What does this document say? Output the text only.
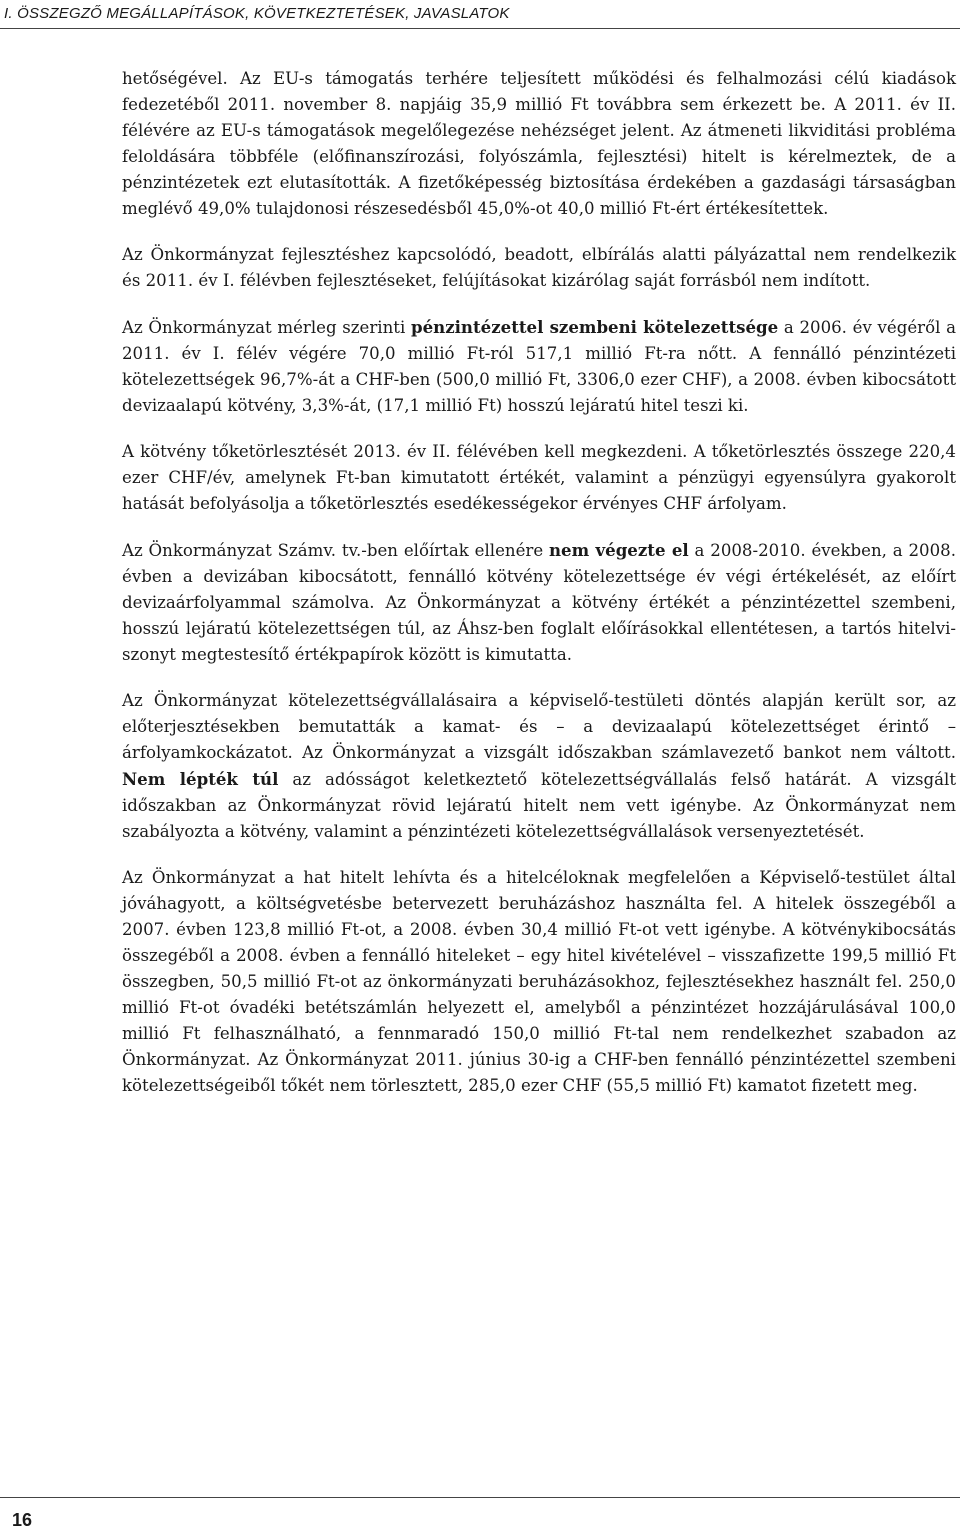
I. ÖSSZEGZŐ MEGÁLLAPÍTÁSOK, KÖVETKEZTETÉSEK, JAVASLATOK

hetőségével. Az EU-s támogatás terhére teljesített működési és felhalmozási célú kiadások fedezetéből 2011. november 8. napjáig 35,9 millió Ft továbbra sem érkezett be. A 2011. év II. félévére az EU-s támogatások megelőlegezése nehézséget jelent. Az átmeneti likviditási probléma feloldására többféle (előfinanszírozási, folyószámla, fejlesztési) hitelt is kérelmeztek, de a pénzintézetek ezt elutasították. A fizetőképesség biztosítása érdekében a gazdasági társaságban meglévő 49,0% tulajdonosi részesedésből 45,0%-ot 40,0 millió Ft-ért értékesítettek.

Az Önkormányzat fejlesztéshez kapcsolódó, beadott, elbírálás alatti pályázattal nem rendelkezik és 2011. év I. félévben fejlesztéseket, felújításokat kizárólag saját forrásból nem indított.

Az Önkormányzat mérleg szerinti pénzintézettel szembeni kötelezettsége a 2006. év végéről a 2011. év I. félév végére 70,0 millió Ft-ról 517,1 millió Ft-ra nőtt. A fennálló pénzintézeti kötelezettségek 96,7%-át a CHF-ben (500,0 millió Ft, 3306,0 ezer CHF), a 2008. évben kibocsátott devizaalapú kötvény, 3,3%-át, (17,1 millió Ft) hosszú lejáratú hitel teszi ki.

A kötvény tőketörlesztését 2013. év II. félévében kell megkezdeni. A tőketörlesztés összege 220,4 ezer CHF/év, amelynek Ft-ban kimutatott értékét, valamint a pénzügyi egyensúlyra gyakorolt hatását befolyásolja a tőketörlesztés esedékességekor érvényes CHF árfolyam.

Az Önkormányzat Számv. tv.-ben előírtak ellenére nem végezte el a 2008-2010. években, a 2008. évben a devizában kibocsátott, fennálló kötvény kötelezettsége év végi értékelését, az előírt devizaárfolyammal számolva. Az Önkormányzat a kötvény értékét a pénzintézettel szembeni, hosszú lejáratú kötelezettségen túl, az Áhsz-ben foglalt előírásokkal ellentétesen, a tartós hitelviszonyt megtestesítő értékpapírok között is kimutatta.

Az Önkormányzat kötelezettségvállalásaira a képviselő-testületi döntés alapján került sor, az előterjesztésekben bemutatták a kamat- és – a devizaalapú kötelezettséget érintő – árfolyamkockázatot. Az Önkormányzat a vizsgált időszakban számlavezető bankot nem váltott. Nem lépték túl az adósságot keletkeztető kötelezettségvállalás felső határát. A vizsgált időszakban az Önkormányzat rövid lejáratú hitelt nem vett igénybe. Az Önkormányzat nem szabályozta a kötvény, valamint a pénzintézeti kötelezettségvállalások versenyeztetését.

Az Önkormányzat a hat hitelt lehívta és a hitelcéloknak megfelelően a Képviselő-testület által jóváhagyott, a költségvetésbe betervezett beruházáshoz használta fel. A hitelek összegéből a 2007. évben 123,8 millió Ft-ot, a 2008. évben 30,4 millió Ft-ot vett igénybe. A kötvénykibocsátás összegéből a 2008. évben a fennálló hiteleket – egy hitel kivételével – visszafizette 199,5 millió Ft összegben, 50,5 millió Ft-ot az önkormányzati beruházásokhoz, fejlesztésekhez használt fel. 250,0 millió Ft-ot óvadéki betétszámlán helyezett el, amelyből a pénzintézet hozzájárulásával 100,0 millió Ft felhasználható, a fennmaradó 150,0 millió Ft-tal nem rendelkezhet szabadon az Önkormányzat. Az Önkormányzat 2011. június 30-ig a CHF-ben fennálló pénzintézettel szembeni kötelezettségeiből tőkét nem törlesztett, 285,0 ezer CHF (55,5 millió Ft) kamatot fizetett meg.

16
